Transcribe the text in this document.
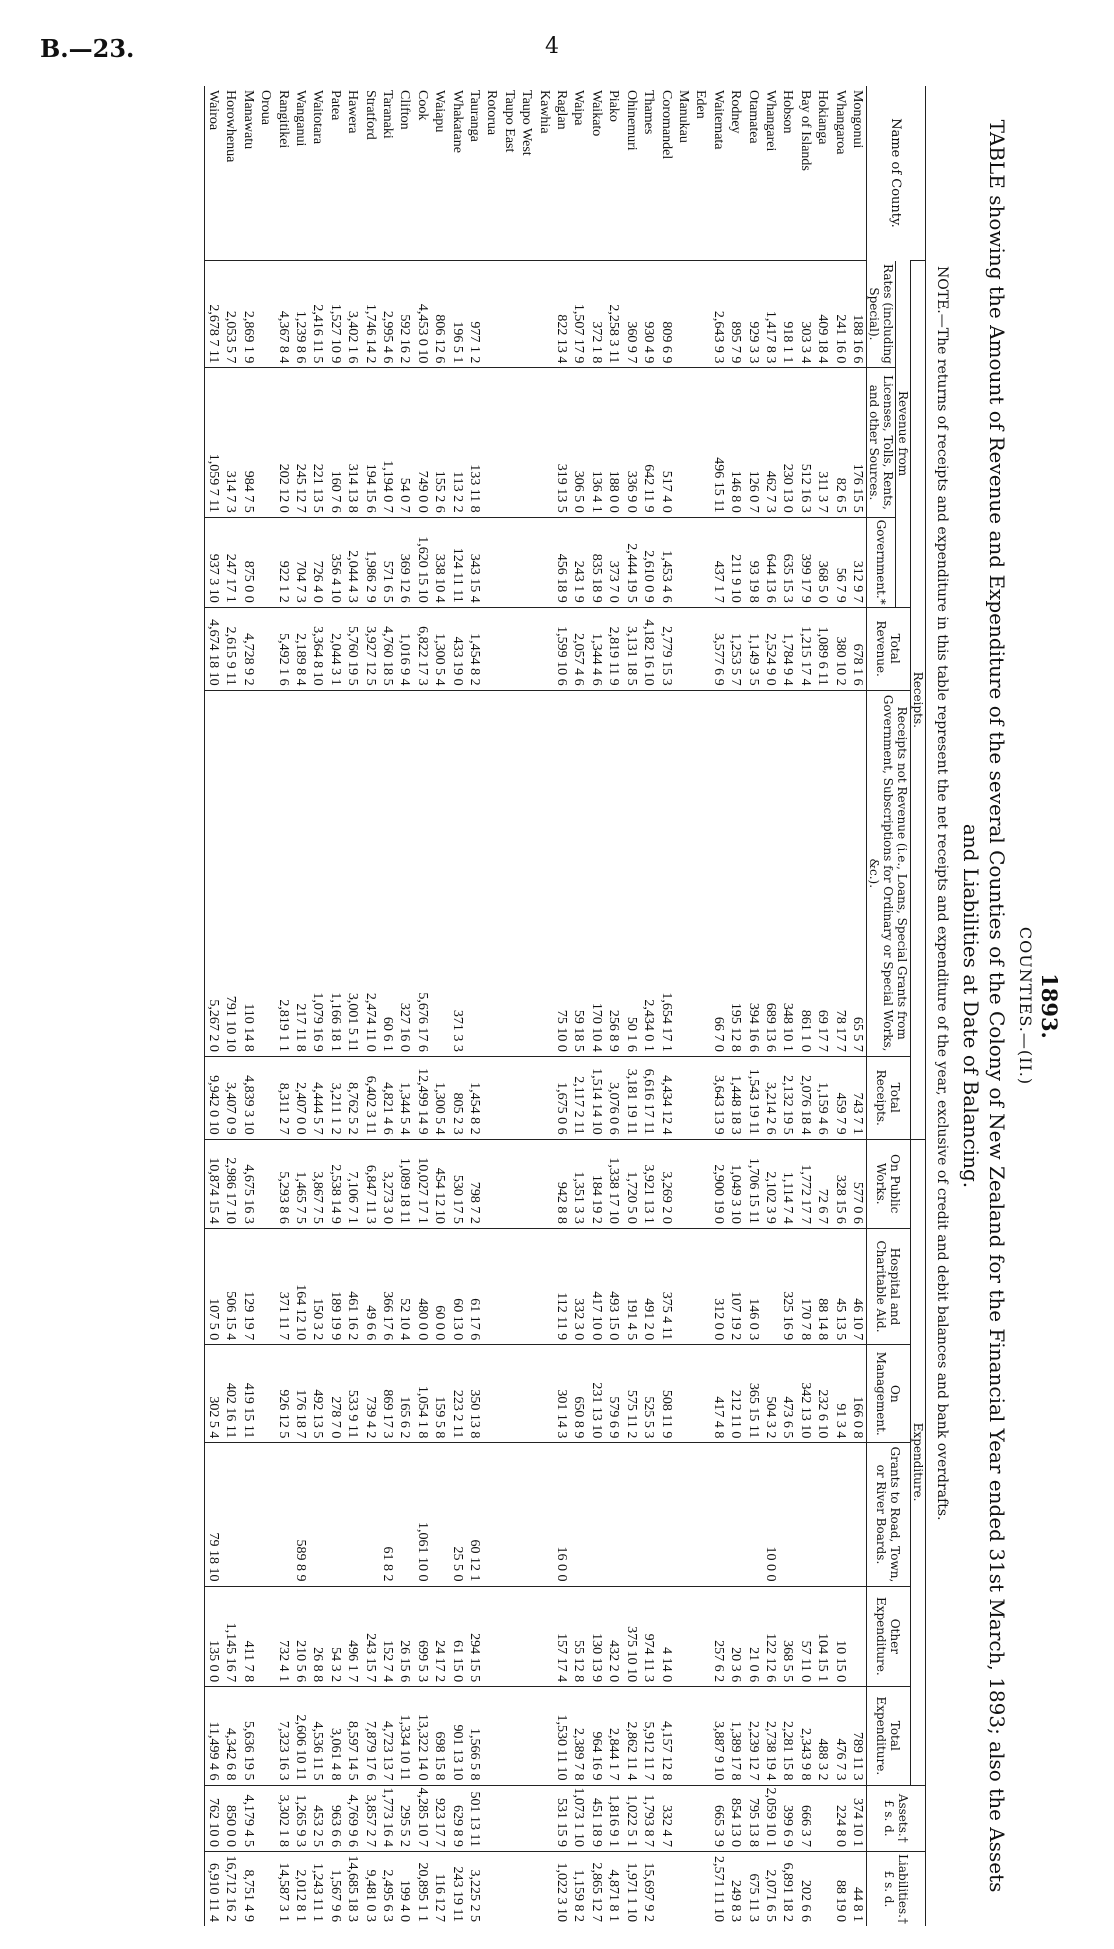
B.—23.	4
1893.
COUNTIES.—(II.)
TABLE showing the Amount of Revenue and Expenditure of the several Counties of the Colony of New Zealand for the Financial Year ended 31st March, 1893; also the Assets and Liabilities at Date of Balancing.
NOTE.—The returns of receipts and expenditure in this table represent the net receipts and expenditure of the year, exclusive of credit and debit balances and bank overdrafts.
Name of County.	Receipts.						Expenditure.						Assets.†
£ s. d.	Liabilities.†
£ s. d.
	Revenue from			Total Revenue.	Receipts not Revenue (i.e., Loans, Special Grants from Government, Subscriptions for Ordinary or Special Works, &c.).	Total Receipts.	On Public Works.	Hospital and Charitable Aid.	On Management.	Grants to Road, Town, or River Boards.	Other Expenditure.	Total Expenditure.		
	Rates (including Special).	Licenses, Tolls, Rents, and other Sources.	Government.*											
Mongonui	188 16 6	176 15 5	312 9 7	678 1 6	65 5 7	743 7 1	577 0 6	46 10 7	166 0 8			789 11 3	374 10 1	44 8 1
Whangaroa	241 16 0	82 6 5	56 7 9	380 10 2	78 17 7	459 7 9	328 15 6	45 13 5	91 3 4		10 15 0	476 7 3	224 8 0	88 19 0
Hokianga	409 18 4	311 3 7	368 5 0	1,089 6 11	69 17 7	1,159 4 6	72 6 7	88 14 8	232 6 10		104 15 1	488 3 2		
Bay of Islands	303 3 4	512 16 3	399 17 9	1,215 17 4	861 1 0	2,076 18 4	1,772 17 7	170 7 8	342 13 10		57 11 0	2,343 9 8	666 3 7	202 6 6
Hobson	918 1 1	230 13 0	635 15 3	1,784 9 4	348 10 1	2,132 19 5	1,114 7 4	325 16 9	473 6 5		368 5 5	2,281 15 8	399 6 9	6,891 18 2
Whangarei	1,417 8 3	462 7 3	644 13 6	2,524 9 0	689 13 6	3,214 2 6	2,102 3 9		504 3 2	10 0 0	122 12 6	2,738 19 4	2,059 10 1	2,071 6 5
Otamatea	929 3 3	126 0 7	93 19 8	1,149 3 5	394 16 6	1,543 19 11	1,706 15 11	146 0 3	365 15 11		21 0 6	2,239 12 7	795 13 8	675 11 3
Rodney	895 7 9	146 8 0	211 9 10	1,253 5 7	195 12 8	1,448 18 3	1,049 3 10	107 19 2	212 11 0		20 3 6	1,389 17 8	854 13 0	249 8 3
Waitemata	2,643 9 3	496 15 11	437 1 7	3,577 6 9	66 7 0	3,643 13 9	2,900 19 0	312 0 0	417 4 8		257 6 2	3,887 9 10	665 3 9	2,571 11 10
Eden														
Manukau														
Coromandel	809 6 9	517 4 0	1,453 4 6	2,779 15 3	1,654 17 1	4,434 12 4	3,269 2 0	375 4 11	508 11 9		4 14 0	4,157 12 8	332 4 7	
Thames	930 4 9	642 11 9	2,610 0 9	4,182 16 10	2,434 0 1	6,616 17 11	3,921 13 1	491 2 0	525 5 3		974 11 3	5,912 11 7	1,793 8 7	15,697 9 2
Ohinemuri	360 9 7	336 9 0	2,444 19 5	3,131 18 5	50 1 6	3,181 19 11	1,720 5 0	191 4 5	575 11 2		375 10 10	2,862 11 4	1,022 5 1	1,971 1 10
Piako	2,258 3 11	188 0 0	373 7 0	2,819 11 9	256 8 9	3,076 0 6	1,338 17 10	493 15 0	579 6 9		432 2 0	2,844 1 7	1,816 9 1	4,871 8 1
Waikato	372 1 8	136 4 1	835 18 9	1,344 4 6	170 10 4	1,514 14 10	184 19 2	417 10 0	231 13 10		130 13 9	964 16 9	451 18 9	2,865 12 7
Waipa	1,507 17 9	306 5 0	243 1 9	2,057 4 6	59 18 5	2,117 2 11	1,351 3 3	332 3 0	650 8 9		55 12 8	2,389 7 8	1,073 1 10	1,159 8 2
Raglan	822 13 4	319 13 5	456 18 9	1,599 10 6	75 10 0	1,675 0 6	942 8 8	112 11 9	301 14 3	16 0 0	157 17 4	1,530 11 10	531 15 9	1,022 3 10
Kawhia														
Taupo West														
Taupo East														
Rotorua														
Tauranga	977 1 2	133 11 8	343 15 4	1,454 8 2		1,454 8 2	798 7 2	61 17 6	350 13 8	60 12 1	294 15 5	1,566 5 8	501 13 11	3,225 2 5
Whakatane	196 5 1	113 2 2	124 11 11	433 19 0	371 3 3	805 2 3	530 17 5	60 13 0	223 2 11	25 5 0	61 15 0	901 13 10	629 8 9	243 19 11
Waiapu	806 12 6	155 2 6	338 10 4	1,300 5 4		1,300 5 4	454 12 10	60 0 0	159 5 8		24 17 2	698 15 8	923 17 7	116 12 7
Cook	4,453 0 10	749 0 0	1,620 15 10	6,822 17 3	5,676 17 6	12,499 14 9	10,027 17 1	480 0 0	1,054 1 8	1,061 10 0	699 5 3	13,322 14 0	4,285 10 7	20,895 1 1
Clifton	592 16 2	54 0 7	369 12 6	1,016 9 4	327 16 0	1,344 5 4	1,089 18 11	52 10 4	165 6 2		26 15 6	1,334 10 11	295 5 2	199 4 0
Taranaki	2,995 4 6	1,194 0 7	571 6 5	4,760 18 5	60 6 1	4,821 4 6	3,273 3 0	366 17 6	869 17 3	61 8 2	152 7 4	4,723 13 7	1,773 16 4	2,495 6 3
Stratford	1,746 14 2	194 15 6	1,986 2 9	3,927 12 5	2,474 11 0	6,402 3 11	6,847 11 3	49 6 6	739 4 2		243 15 7	7,879 17 6	3,857 2 7	9,481 0 3
Hawera	3,402 1 6	314 13 8	2,044 4 3	5,760 19 5	3,001 5 11	8,762 5 2	7,106 7 1	461 16 2	533 9 11		496 1 7	8,597 14 5	4,769 9 6	14,685 18 3
Patea	1,527 10 9	160 7 6	356 4 10	2,044 3 1	1,166 18 1	3,211 1 2	2,538 14 9	189 19 9	278 7 0		54 3 2	3,061 4 8	963 6 6	1,567 9 6
Waitotara	2,416 11 5	221 13 5	726 4 0	3,364 8 10	1,079 16 9	4,444 5 7	3,867 7 5	150 3 2	492 13 5		26 8 8	4,536 11 5	453 2 5	1,243 11 1
Wanganui	1,239 8 6	245 12 7	704 7 3	2,189 8 4	217 11 8	2,407 0 0	1,465 7 5	164 12 10	176 18 7	589 8 9	210 5 6	2,606 10 11	1,265 9 3	2,012 8 1
Rangitikei	4,367 8 4	202 12 0	922 1 2	5,492 1 6	2,819 1 1	8,311 2 7	5,293 8 6	371 11 7	926 12 5		732 4 1	7,323 16 3	3,302 1 8	14,587 3 1
Oroua														
Manawatu	2,869 1 9	984 7 5	875 0 0	4,728 9 2	110 14 8	4,839 3 10	4,675 16 3	129 19 7	419 15 11		411 7 8	5,636 19 5	4,179 4 5	8,751 4 9
Horowhenua	2,053 5 7	314 7 3	247 17 1	2,615 9 11	791 10 10	3,407 0 9	2,986 17 10	506 15 4	402 16 11		1,145 16 7	4,342 6 8	850 0 0	16,712 16 2
Wairoa	2,678 7 11	1,059 7 11	937 3 10	4,674 18 10	5,267 2 0	9,942 0 10	10,874 15 4	107 5 0	302 5 4	79 18 10	135 0 0	11,499 4 6	762 10 0	6,910 11 4
